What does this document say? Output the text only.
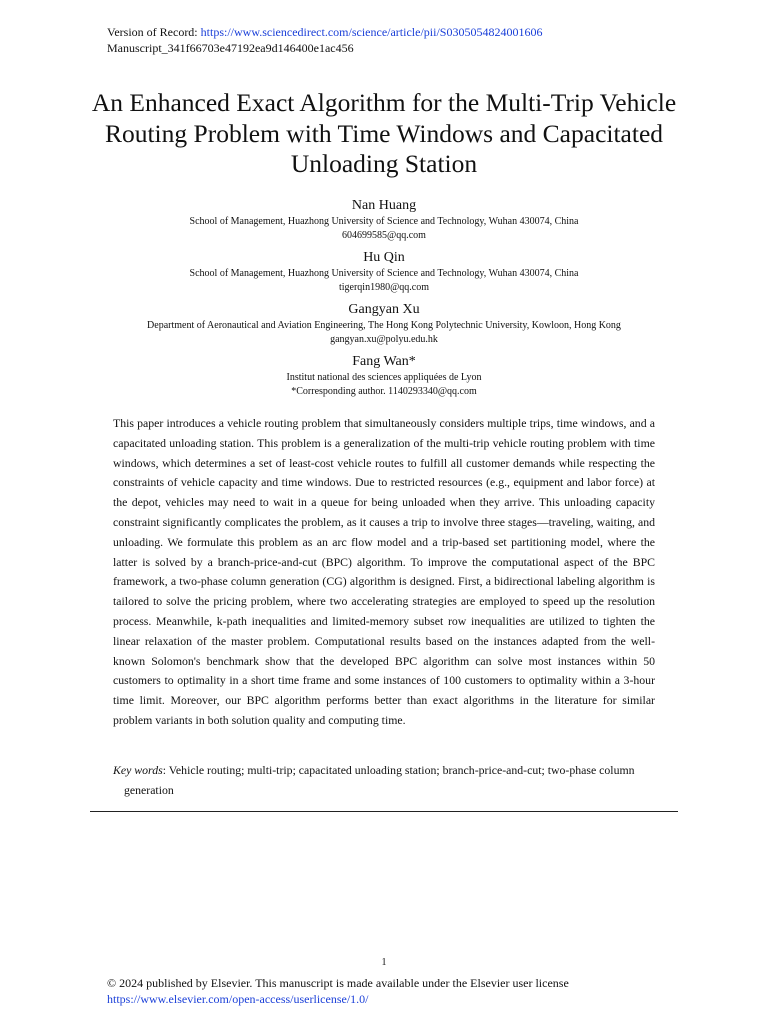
Version of Record: https://www.sciencedirect.com/science/article/pii/S0305054824001606
Manuscript_341f66703e47192ea9d146400e1ac456
An Enhanced Exact Algorithm for the Multi-Trip Vehicle Routing Problem with Time Windows and Capacitated Unloading Station
Nan Huang
School of Management, Huazhong University of Science and Technology, Wuhan 430074, China
604699585@qq.com
Hu Qin
School of Management, Huazhong University of Science and Technology, Wuhan 430074, China
tigerqin1980@qq.com
Gangyan Xu
Department of Aeronautical and Aviation Engineering, The Hong Kong Polytechnic University, Kowloon, Hong Kong
gangyan.xu@polyu.edu.hk
Fang Wan*
Institut national des sciences appliquées de Lyon
*Corresponding author. 1140293340@qq.com

This paper introduces a vehicle routing problem that simultaneously considers multiple trips, time windows, and a capacitated unloading station. This problem is a generalization of the multi-trip vehicle routing problem with time windows, which determines a set of least-cost vehicle routes to fulfill all customer demands while respecting the constraints of vehicle capacity and time windows. Due to restricted resources (e.g., equipment and labor force) at the depot, vehicles may need to wait in a queue for being unloaded when they arrive. This unloading capacity constraint significantly complicates the problem, as it causes a trip to involve three stages—traveling, waiting, and unloading. We formulate this problem as an arc flow model and a trip-based set partitioning model, where the latter is solved by a branch-price-and-cut (BPC) algorithm. To improve the computational aspect of the BPC framework, a two-phase column generation (CG) algorithm is designed. First, a bidirectional labeling algorithm is tailored to solve the pricing problem, where two accelerating strategies are employed to speed up the resolution process. Meanwhile, k-path inequalities and limited-memory subset row inequalities are utilized to tighten the linear relaxation of the master problem. Computational results based on the instances adapted from the well-known Solomon's benchmark show that the developed BPC algorithm can solve most instances within 50 customers to optimality in a short time frame and some instances of 100 customers to optimality within a 3-hour time limit. Moreover, our BPC algorithm performs better than exact algorithms in the literature for similar problem variants in both solution quality and computing time.

Key words: Vehicle routing; multi-trip; capacitated unloading station; branch-price-and-cut; two-phase column generation

1
© 2024 published by Elsevier. This manuscript is made available under the Elsevier user license
https://www.elsevier.com/open-access/userlicense/1.0/
